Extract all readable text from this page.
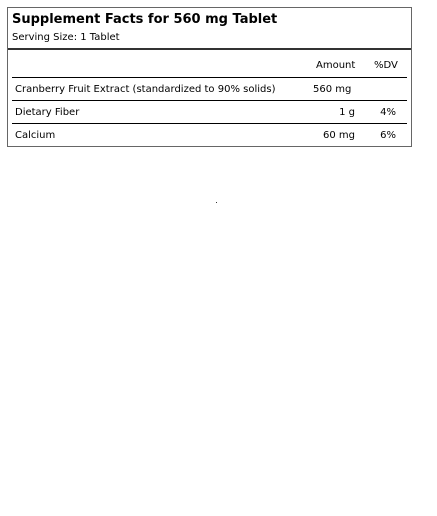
Supplement Facts for 560 mg Tablet
Serving Size: 1 Tablet
Amount %DV
Cranberry Fruit Extract (standardized to 90% solids)	560 mg
Dietary Fiber	1 g	4%
Calcium	60 mg	6%
